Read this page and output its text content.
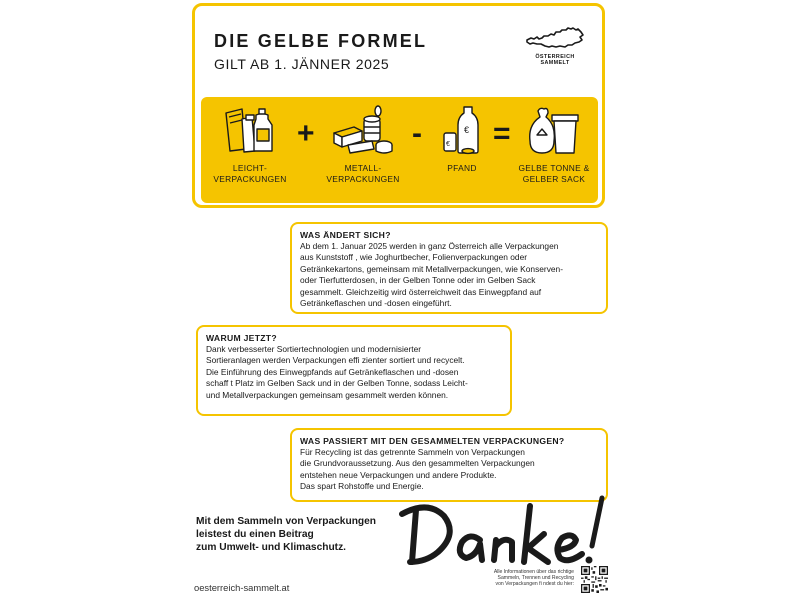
DIE GELBE FORMEL
GILT AB 1. JÄNNER 2025	ÖSTERREICH
SAMMELT
LEICHT-
VERPACKUNGEN
+
METALL-
VERPACKUNGEN
-	€
€
PFAND
=
GELBE TONNE &
GELBER SACK
WAS ÄNDERT SICH?
Ab dem 1. Januar 2025 werden in ganz Österreich alle Verpackungen
aus Kunststoff , wie Joghurtbecher, Folienverpackungen oder
Getränkekartons, gemeinsam mit Metallverpackungen, wie Konserven-
oder Tierfutterdosen, in der Gelben Tonne oder im Gelben Sack
gesammelt. Gleichzeitig wird österreichweit das Einwegpfand auf
Getränkeflaschen und -dosen eingeführt.
WARUM JETZT?
Dank verbesserter Sortiertechnologien und modernisierter
Sortieranlagen werden Verpackungen effi zienter sortiert und recycelt.
Die Einführung des Einwegpfands auf Getränkeflaschen und -dosen
schaff t Platz im Gelben Sack und in der Gelben Tonne, sodass Leicht-
und Metallverpackungen gemeinsam gesammelt werden können.
WAS PASSIERT MIT DEN GESAMMELTEN VERPACKUNGEN?
Für Recycling ist das getrennte Sammeln von Verpackungen
die Grundvoraussetzung. Aus den gesammelten Verpackungen
entstehen neue Verpackungen und andere Produkte.
Das spart Rohstoffe und Energie.
Mit dem Sammeln von Verpackungen
leistest du einen Beitrag
zum Umwelt- und Klimaschutz.
oesterreich-sammelt.at
Alle Informationen über das richtige
Sammeln, Trennen und Recycling
von Verpackungen fi ndest du hier:
